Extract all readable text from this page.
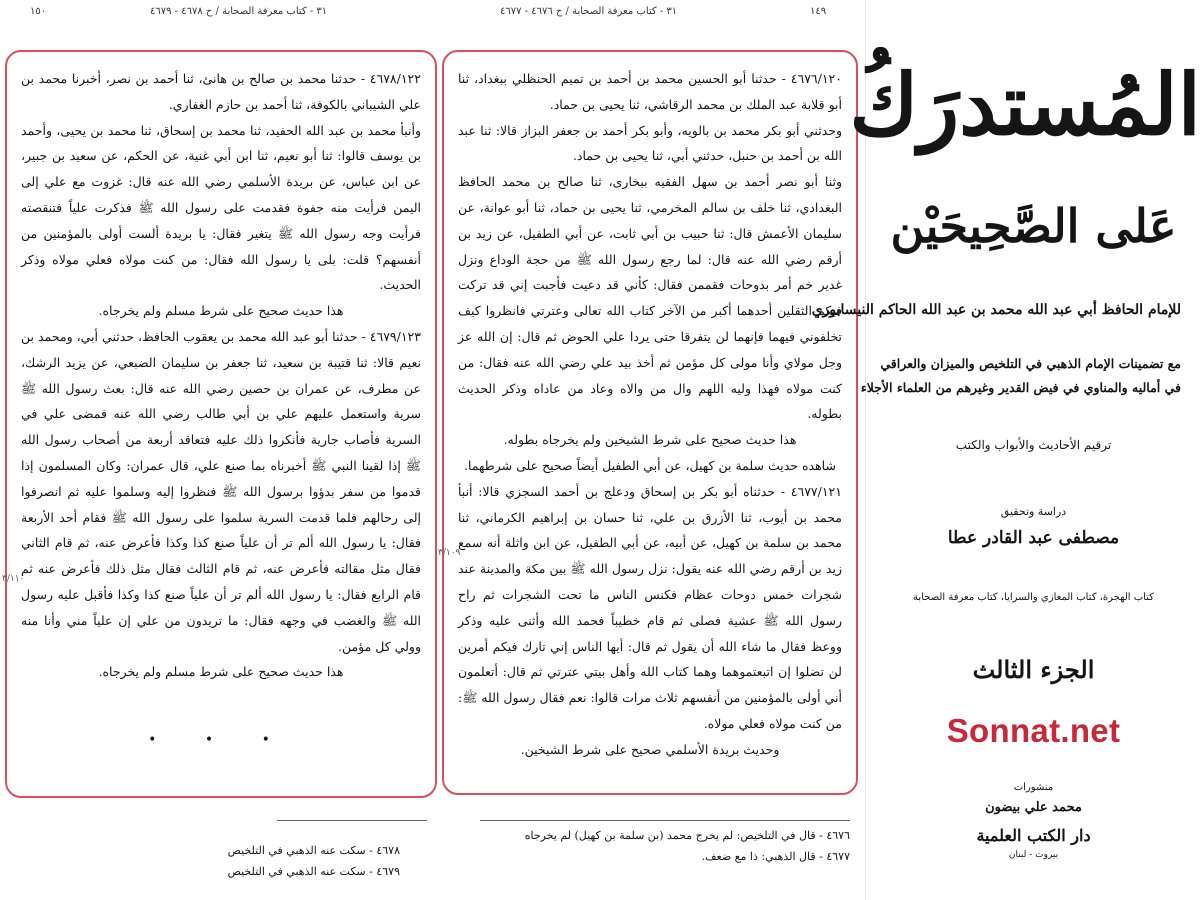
١٥٠	٣١ - كتاب معرفة الصحابة / ح ٤٦٧٨ - ٤٦٧٩

٤٦٧٨/١٢٢ - حدثنا محمد بن صالح بن هانئ، ثنا أحمد بن نصر، أخبرنا محمد بن علي الشيباني بالكوفة، ثنا أحمد بن حازم الغفاري.

وأنبأ محمد بن عبد الله الحفيد، ثنا محمد بن إسحاق، ثنا محمد بن يحيى، وأحمد بن يوسف قالوا: ثنا أبو نعيم، ثنا ابن أبي غنية، عن الحكم، عن سعيد بن جبير، عن ابن عباس، عن بريدة الأسلمي رضي الله عنه قال: غزوت مع علي إلى اليمن فرأيت منه جفوة فقدمت على رسول الله ﷺ فذكرت علياً فتنقصته فرأيت وجه رسول الله ﷺ يتغير فقال: يا بريدة ألست أولى بالمؤمنين من أنفسهم؟ قلت: بلى يا رسول الله فقال: من كنت مولاه فعلي مولاه وذكر الحديث.

هذا حديث صحيح على شرط مسلم ولم يخرجاه.

٤٦٧٩/١٢٣ - حدثنا أبو عبد الله محمد بن يعقوب الحافظ، حدثني أبي، ومحمد بن نعيم قالا: ثنا قتيبة بن سعيد، ثنا جعفر بن سليمان الضبعي، عن يزيد الرشك، عن مطرف، عن عمران بن حصين رضي الله عنه قال: بعث رسول الله ﷺ سرية واستعمل عليهم علي بن أبي طالب رضي الله عنه فمضى علي في السرية فأصاب جارية فأنكروا ذلك عليه فتعاقد أربعة من أصحاب رسول الله ﷺ إذا لقينا النبي ﷺ أخبرناه بما صنع علي، قال عمران: وكان المسلمون إذا قدموا من سفر بدؤوا برسول الله ﷺ فنظروا إليه وسلموا عليه ثم انصرفوا إلى رحالهم فلما قدمت السرية سلموا على رسول الله ﷺ فقام أحد الأربعة فقال: يا رسول الله ألم تر أن علياً صنع كذا وكذا فأعرض عنه، ثم قام الثاني فقال مثل مقالته فأعرض عنه، ثم قام الثالث فقال مثل ذلك فأعرض عنه ثم قام الرابع فقال: يا رسول الله ألم تر أن علياً صنع كذا وكذا فأقبل عليه رسول الله ﷺ والغضب في وجهه فقال: ما تريدون من علي إن علياً مني وأنا منه وولي كل مؤمن.

هذا حديث صحيح على شرط مسلم ولم يخرجاه.

• • •
٣/١١٠
٤٦٧٨ - سكت عنه الذهبي في التلخيص
٤٦٧٩ - سكت عنه الذهبي في التلخيص
١٤٩
٣١ - كتاب معرفة الصحابة / ح ٤٦٧٦ - ٤٦٧٧

٤٦٧٦/١٢٠ - حدثنا أبو الحسين محمد بن أحمد بن تميم الحنظلي ببغداد، ثنا أبو قلابة عبد الملك بن محمد الرقاشي، ثنا يحيى بن حماد.

وحدثني أبو بكر محمد بن بالويه، وأبو بكر أحمد بن جعفر البزاز قالا: ثنا عبد الله بن أحمد بن حنبل، حدثني أبي، ثنا يحيى بن حماد.

وثنا أبو نصر أحمد بن سهل الفقيه ببخارى، ثنا صالح بن محمد الحافظ البغدادي، ثنا خلف بن سالم المخرمي، ثنا يحيى بن حماد، ثنا أبو عوانة، عن سليمان الأعمش قال: ثنا حبيب بن أبي ثابت، عن أبي الطفيل، عن زيد بن أرقم رضي الله عنه قال: لما رجع رسول الله ﷺ من حجة الوداع ونزل غدير خم أمر بدوحات فقممن فقال: كأني قد دعيت فأجبت إني قد تركت فيكم الثقلين أحدهما أكبر من الآخر كتاب الله تعالى وعترتي فانظروا كيف تخلفوني فيهما فإنهما لن يتفرقا حتى يردا علي الحوض ثم قال: إن الله عز وجل مولاي وأنا مولى كل مؤمن ثم أخذ بيد علي رضي الله عنه فقال: من كنت مولاه فهذا وليه اللهم وال من والاه وعاد من عاداه وذكر الحديث بطوله.

هذا حديث صحيح على شرط الشيخين ولم يخرجاه بطوله.

شاهده حديث سلمة بن كهيل، عن أبي الطفيل أيضاً صحيح على شرطهما.

٤٦٧٧/١٢١ - حدثناه أبو بكر بن إسحاق ودعلج بن أحمد السجزي قالا: أنبأ محمد بن أيوب، ثنا الأزرق بن علي، ثنا حسان بن إبراهيم الكرماني، ثنا محمد بن سلمة بن كهيل، عن أبيه، عن أبي الطفيل، عن ابن واثلة أنه سمع زيد بن أرقم رضي الله عنه يقول: نزل رسول الله ﷺ بين مكة والمدينة عند شجرات خمس دوحات عظام فكنس الناس ما تحت الشجرات ثم راح رسول الله ﷺ عشية فصلى ثم قام خطيباً فحمد الله وأثنى عليه وذكر ووعظ فقال ما شاء الله أن يقول ثم قال: أيها الناس إني تارك فيكم أمرين لن تضلوا إن اتبعتموهما وهما كتاب الله وأهل بيتي عترتي ثم قال: أتعلمون أني أولى بالمؤمنين من أنفسهم ثلاث مرات قالوا: نعم فقال رسول الله ﷺ: من كنت مولاه فعلي مولاه.

وحديث بريدة الأسلمي صحيح على شرط الشيخين.

٣/١٠٩
٤٦٧٦ - قال في التلخيص: لم يخرج محمد (بن سلمة بن كهيل) لم يخرجاه
٤٦٧٧ - قال الذهبي: ذا مع ضعف.
المُستدرَكُ
عَلى الصَّحِيحَيْن
للإمام الحافظ أبي عبد الله محمد بن عبد الله الحاكم النيسابوري
مع تضمينات الإمام الذهبي في التلخيص والميزان والعراقي
في أماليه والمناوي في فيض القدير وغيرهم من العلماء الأجلاء
ترقيم الأحاديث والأبواب والكتب
دراسة وتحقيق
مصطفى عبد القادر عطا
كتاب الهجرة، كتاب المغازي والسرايا، كتاب معرفة الصحابة
الجزء الثالث
Sonnat.net
منشورات
محمد علي بيضون
دار الكتب العلمية
بيروت - لبنان
